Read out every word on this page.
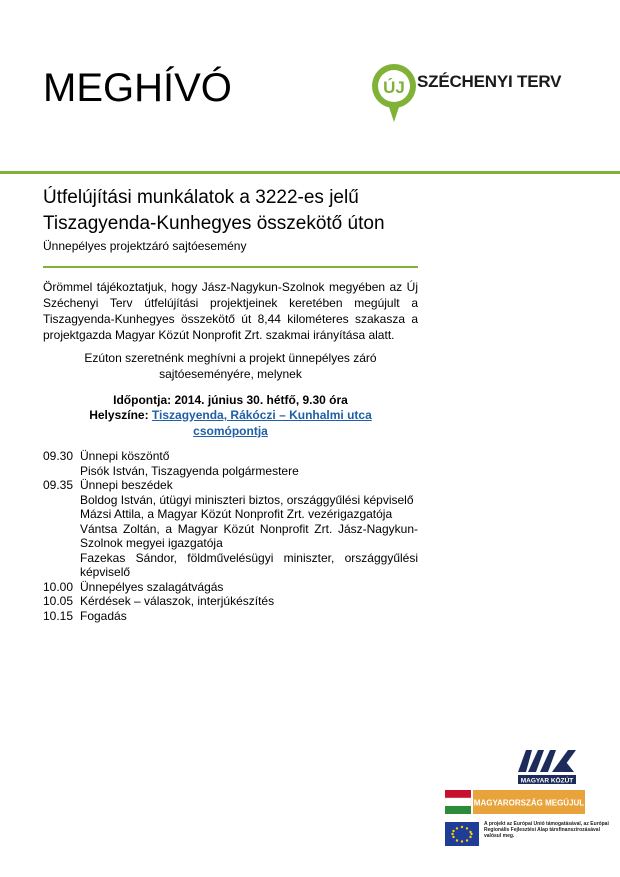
MEGHÍVÓ	ÚJ SZÉCHENYI TERV
Útfelújítási munkálatok a 3222-es jelű
Tiszagyenda-Kunhegyes összekötő úton
Ünnepélyes projektzáró sajtóesemény
Örömmel tájékoztatjuk, hogy Jász-Nagykun-Szolnok megyében az Új Széchenyi Terv útfelújítási projektjeinek keretében megújult a Tiszagyenda-Kunhegyes összekötő út 8,44 kilométeres szakasza a projektgazda Magyar Közút Nonprofit Zrt. szakmai irányítása alatt.
Ezúton szeretnénk meghívni a projekt ünnepélyes záró
sajtóeseményére, melynek
Időpontja: 2014. június 30. hétfő, 9.30 óra
Helyszíne: Tiszagyenda, Rákóczi – Kunhalmi utca
csomópontja
09.30 Ünnepi köszöntő
Pisók István, Tiszagyenda polgármestere
09.35 Ünnepi beszédek
Boldog István, útügyi miniszteri biztos, országgyűlési képviselő
Mázsi Attila, a Magyar Közút Nonprofit Zrt. vezérigazgatója
Vántsa Zoltán, a Magyar Közút Nonprofit Zrt. Jász-Nagykun-Szolnok megyei igazgatója
Fazekas Sándor, földművelésügyi miniszter, országgyűlési képviselő
10.00 Ünnepélyes szalagátvágás
10.05 Kérdések – válaszok, interjúkészítés
10.15 Fogadás
MAGYAR KÖZÚT
MAGYARORSZÁG MEGÚJUL
A projekt az Európai Unió támogatásával, az Európai Regionális Fejlesztési Alap társfinanszírozásával valósul meg.
